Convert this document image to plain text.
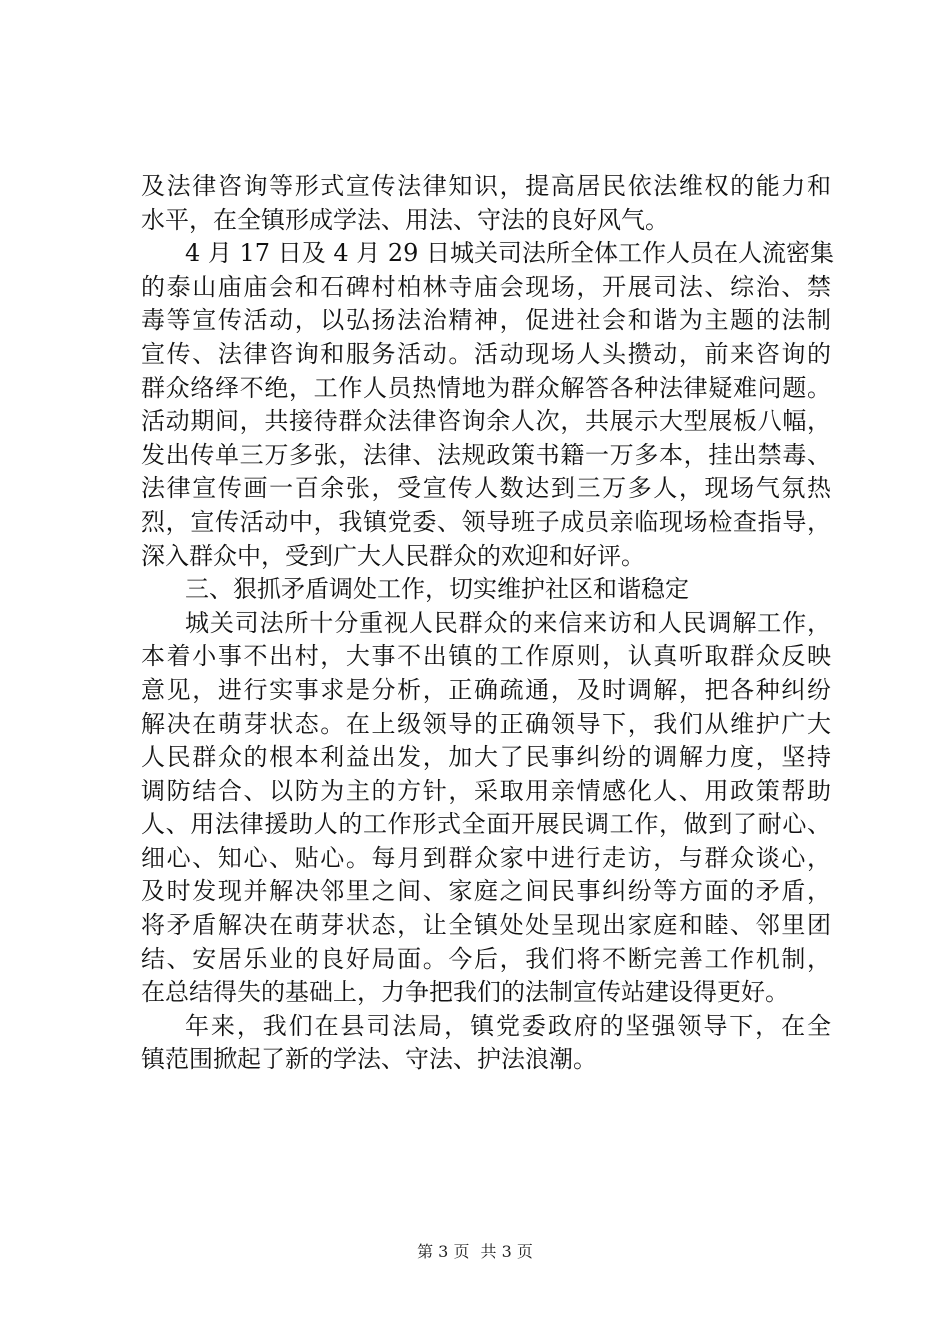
及法律咨询等形式宣传法律知识，提高居民依法维权的能力和
水平，在全镇形成学法、用法、守法的良好风气。
4 月 17 日及 4 月 29 日城关司法所全体工作人员在人流密集
的泰山庙庙会和石碑村柏林寺庙会现场，开展司法、综治、禁
毒等宣传活动，以弘扬法治精神，促进社会和谐为主题的法制
宣传、法律咨询和服务活动。活动现场人头攒动，前来咨询的
群众络绎不绝，工作人员热情地为群众解答各种法律疑难问题。
活动期间，共接待群众法律咨询余人次，共展示大型展板八幅，
发出传单三万多张，法律、法规政策书籍一万多本，挂出禁毒、
法律宣传画一百余张，受宣传人数达到三万多人，现场气氛热
烈，宣传活动中，我镇党委、领导班子成员亲临现场检查指导，
深入群众中，受到广大人民群众的欢迎和好评。
三、狠抓矛盾调处工作，切实维护社区和谐稳定
城关司法所十分重视人民群众的来信来访和人民调解工作，
本着小事不出村，大事不出镇的工作原则，认真听取群众反映
意见，进行实事求是分析，正确疏通，及时调解，把各种纠纷
解决在萌芽状态。在上级领导的正确领导下，我们从维护广大
人民群众的根本利益出发，加大了民事纠纷的调解力度，坚持
调防结合、以防为主的方针，采取用亲情感化人、用政策帮助
人、用法律援助人的工作形式全面开展民调工作，做到了耐心、
细心、知心、贴心。每月到群众家中进行走访，与群众谈心，
及时发现并解决邻里之间、家庭之间民事纠纷等方面的矛盾，
将矛盾解决在萌芽状态，让全镇处处呈现出家庭和睦、邻里团
结、安居乐业的良好局面。今后，我们将不断完善工作机制，
在总结得失的基础上，力争把我们的法制宣传站建设得更好。
年来，我们在县司法局，镇党委政府的坚强领导下，在全
镇范围掀起了新的学法、守法、护法浪潮。
第 3 页 共 3 页
